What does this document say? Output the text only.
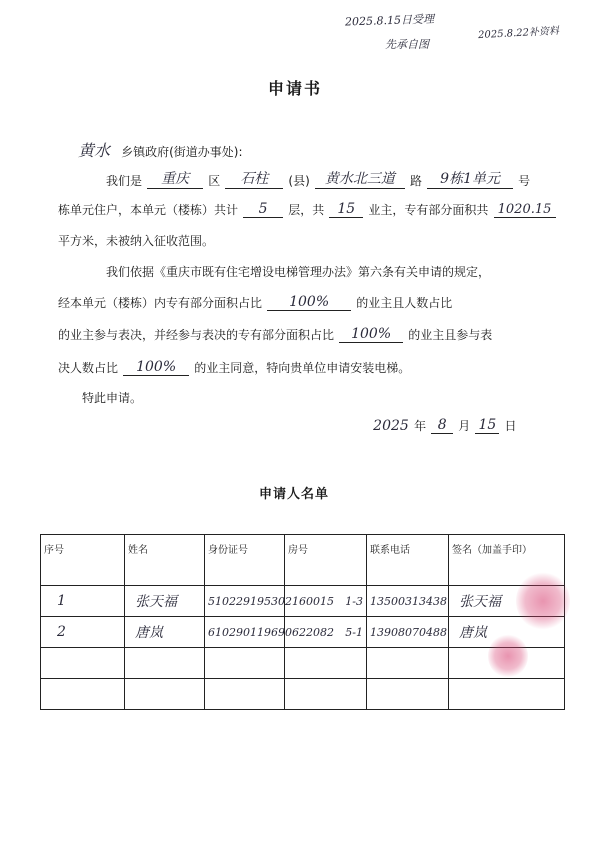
2025.8.15日受理
先承自图
2025.8.22补资料
申请书
黄水 乡镇政府(街道办事处):
我们是 重庆 区 石柱 (县) 黄水北三道 路 9栋1单元 号
栋单元住户，本单元（楼栋）共计 5 层，共 15 业主，专有部分面积共 1020.15
平方米，未被纳入征收范围。
我们依据《重庆市既有住宅增设电梯管理办法》第六条有关申请的规定，
经本单元（楼栋）内专有部分面积占比 100% 的业主且人数占比
的业主参与表决，并经参与表决的专有部分面积占比 100% 的业主且参与表
决人数占比 100% 的业主同意，特向贵单位申请安装电梯。
特此申请。
2025 年 8 月 15 日
申请人名单
序号	姓名	身份证号	房号	联系电话	签名（加盖手印）
1	张天福	510229195302160015	1-3	13500313438	张天福
2	唐岚	610290119690622082	5-1	13908070488	唐岚
